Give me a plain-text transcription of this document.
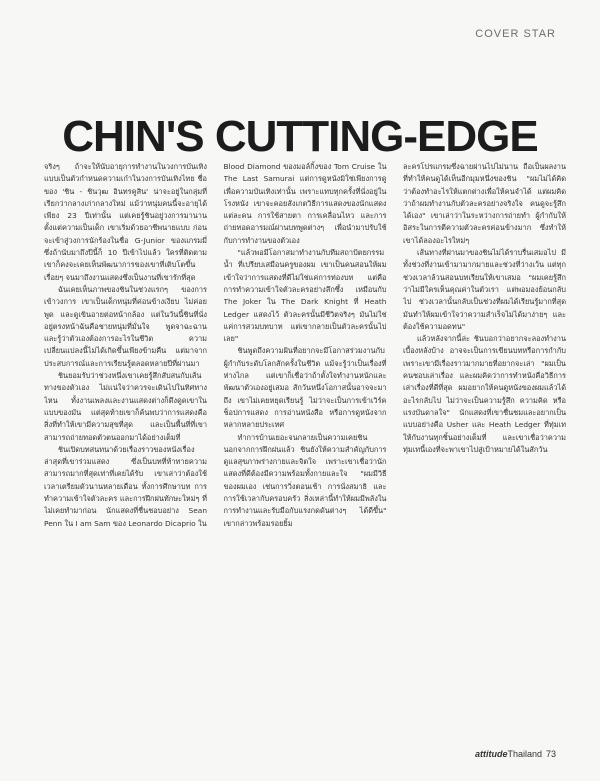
COVER STAR
CHIN'S CUTTING-EDGE

จริงๆ ถ้าจะให้นับอายุการทำงานในวงการบันเทิงแบบเป็นตัวกำหนดความเก๋าในวงการบันเทิงไทย ชื่อของ 'ชิน - ชินวุฒ อินทรคูสิน' น่าจะอยู่ในกลุ่มที่เรียกว่ากลางเก่ากลางใหม่ แม้ว่าหนุ่มคนนี้จะอายุได้เพียง 23 ปีเท่านั้น แต่เคยรู้ชินอยู่วงการมานานตั้งแต่ความเป็นเด็ก เขาเริ่มด้วยอาชีพนายแบบ ก่อนจะเข้าสู่วงการนักร้องในชื่อ G-Junior ของแกรมมี่ ซึ่งถ้านับมาถึงปีนี้ก็ 10 ปีเข้าไปแล้ว ใครที่ติดตามเขาก็คงจะเคยเห็นพัฒนาการของเขาที่เติบโตขึ้นเรื่อยๆ จนมาถึงงานแสดงซึ่งเป็นงานที่เขารักที่สุด

ฉันเคยเห็นภาพของชินในช่วงแรกๆ ของการเข้าวงการ เขาเป็นเด็กหนุ่มที่ค่อนข้างเงียบ ไม่ค่อยพูด และดูเขินอายต่อหน้ากล้อง แต่ในวันนี้ชินที่นั่งอยู่ตรงหน้าฉันคือชายหนุ่มที่มั่นใจ พูดจาฉะฉาน และรู้ว่าตัวเองต้องการอะไรในชีวิต ความเปลี่ยนแปลงนี้ไม่ได้เกิดขึ้นเพียงข้ามคืน แต่มาจากประสบการณ์และการเรียนรู้ตลอดหลายปีที่ผ่านมา

ชินยอมรับว่าช่วงหนึ่งเขาเคยรู้สึกสับสนกับเส้นทางของตัวเอง ไม่แน่ใจว่าควรจะเดินไปในทิศทางไหน ทั้งงานเพลงและงานแสดงต่างก็ดึงดูดเขาในแบบของมัน แต่สุดท้ายเขาก็ค้นพบว่าการแสดงคือสิ่งที่ทำให้เขามีความสุขที่สุด และเป็นพื้นที่ที่เขาสามารถถ่ายทอดตัวตนออกมาได้อย่างเต็มที่

ชินเปิดบทสนทนาด้วยเรื่องราวของหนังเรื่องล่าสุดที่เขาร่วมแสดง ซึ่งเป็นบทที่ท้าทายความสามารถมากที่สุดเท่าที่เคยได้รับ เขาเล่าว่าต้องใช้เวลาเตรียมตัวนานหลายเดือน ทั้งการศึกษาบท การทำความเข้าใจตัวละคร และการฝึกฝนทักษะใหม่ๆ ที่ไม่เคยทำมาก่อน นักแสดงที่ชื่นชอบอย่าง Sean Penn ใน I am Sam ของ Leonardo Dicaprio ใน

Blood Diamond ของมอล์กิ้งของ Tom Cruise ใน The Last Samurai แต่การดูหนังมิใช่เพียงการดูเพื่อความบันเทิงเท่านั้น เพราะแทบทุกครั้งที่นั่งอยู่ในโรงหนัง เขาจะคอยสังเกตวิธีการแสดงของนักแสดงแต่ละคน การใช้สายตา การเคลื่อนไหว และการถ่ายทอดอารมณ์ผ่านบทพูดต่างๆ เพื่อนำมาปรับใช้กับการทำงานของตัวเอง

"แล้วพอมีโอกาสมาทำงานกับทีมสถาปัตยกรรมน้ำ ที่เปรียบเสมือนครูของผม เขาเป็นคนสอนให้ผมเข้าใจว่าการแสดงที่ดีไม่ใช่แค่การท่องบท แต่คือการทำความเข้าใจตัวละครอย่างลึกซึ้ง เหมือนกับ The Joker ใน The Dark Knight ที่ Heath Ledger แสดงไว้ ตัวละครนั้นมีชีวิตจริงๆ มันไม่ใช่แค่การสวมบทบาท แต่เขากลายเป็นตัวละครนั้นไปเลย"

ชินพูดถึงความฝันที่อยากจะมีโอกาสร่วมงานกับผู้กำกับระดับโลกสักครั้งในชีวิต แม้จะรู้ว่าเป็นเรื่องที่ห่างไกล แต่เขาก็เชื่อว่าถ้าตั้งใจทำงานหนักและพัฒนาตัวเองอยู่เสมอ สักวันหนึ่งโอกาสนั้นอาจจะมาถึง เขาไม่เคยหยุดเรียนรู้ ไม่ว่าจะเป็นการเข้าเวิร์คช็อปการแสดง การอ่านหนังสือ หรือการดูหนังจากหลากหลายประเทศ

ทำการบ้านเยอะจนกลายเป็นความเคยชิน นอกจากการฝึกฝนแล้ว ชินยังให้ความสำคัญกับการดูแลสุขภาพร่างกายและจิตใจ เพราะเขาเชื่อว่านักแสดงที่ดีต้องมีความพร้อมทั้งกายและใจ "ผมมีวิธีของผมเอง เช่นการวิ่งตอนเช้า การนั่งสมาธิ และการใช้เวลากับครอบครัว สิ่งเหล่านี้ทำให้ผมมีพลังในการทำงานและรับมือกับแรงกดดันต่างๆ ได้ดีขึ้น" เขากล่าวพร้อมรอยยิ้ม

ละครโปรแกรมซึ่งฉายผ่านไปไม่นาน ถือเป็นผลงานที่ทำให้คนดูได้เห็นอีกมุมหนึ่งของชิน "ผมไม่ได้คิดว่าต้องทำอะไรให้แตกต่างเพื่อให้คนจำได้ แต่ผมคิดว่าถ้าผมทำงานกับตัวละครอย่างจริงใจ คนดูจะรู้สึกได้เอง" เขาเล่าว่าในระหว่างการถ่ายทำ ผู้กำกับให้อิสระในการตีความตัวละครค่อนข้างมาก ซึ่งทำให้เขาได้ลองอะไรใหม่ๆ

เส้นทางที่ผ่านมาของชินไม่ได้ราบรื่นเสมอไป มีทั้งช่วงที่งานเข้ามามากมายและช่วงที่ว่างเว้น แต่ทุกช่วงเวลาล้วนสอนบทเรียนให้เขาเสมอ "ผมเคยรู้สึกว่าไม่มีใครเห็นคุณค่าในตัวเรา แต่พอมองย้อนกลับไป ช่วงเวลานั้นกลับเป็นช่วงที่ผมได้เรียนรู้มากที่สุด มันทำให้ผมเข้าใจว่าความสำเร็จไม่ได้มาง่ายๆ และต้องใช้ความอดทน"

แล้วหลังจากนี้ล่ะ ชินบอกว่าอยากจะลองทำงานเบื้องหลังบ้าง อาจจะเป็นการเขียนบทหรือการกำกับ เพราะเขามีเรื่องราวมากมายที่อยากจะเล่า "ผมเป็นคนชอบเล่าเรื่อง และผมคิดว่าการทำหนังคือวิธีการเล่าเรื่องที่ดีที่สุด ผมอยากให้คนดูหนังของผมแล้วได้อะไรกลับไป ไม่ว่าจะเป็นความรู้สึก ความคิด หรือแรงบันดาลใจ" นักแสดงที่เขาชื่นชมและอยากเป็นแบบอย่างคือ Usher และ Heath Ledger ที่ทุ่มเทให้กับงานทุกชิ้นอย่างเต็มที่ และเขาเชื่อว่าความทุ่มเทนี้เองที่จะพาเขาไปสู่เป้าหมายได้ในสักวัน

attitudeThailand 73
